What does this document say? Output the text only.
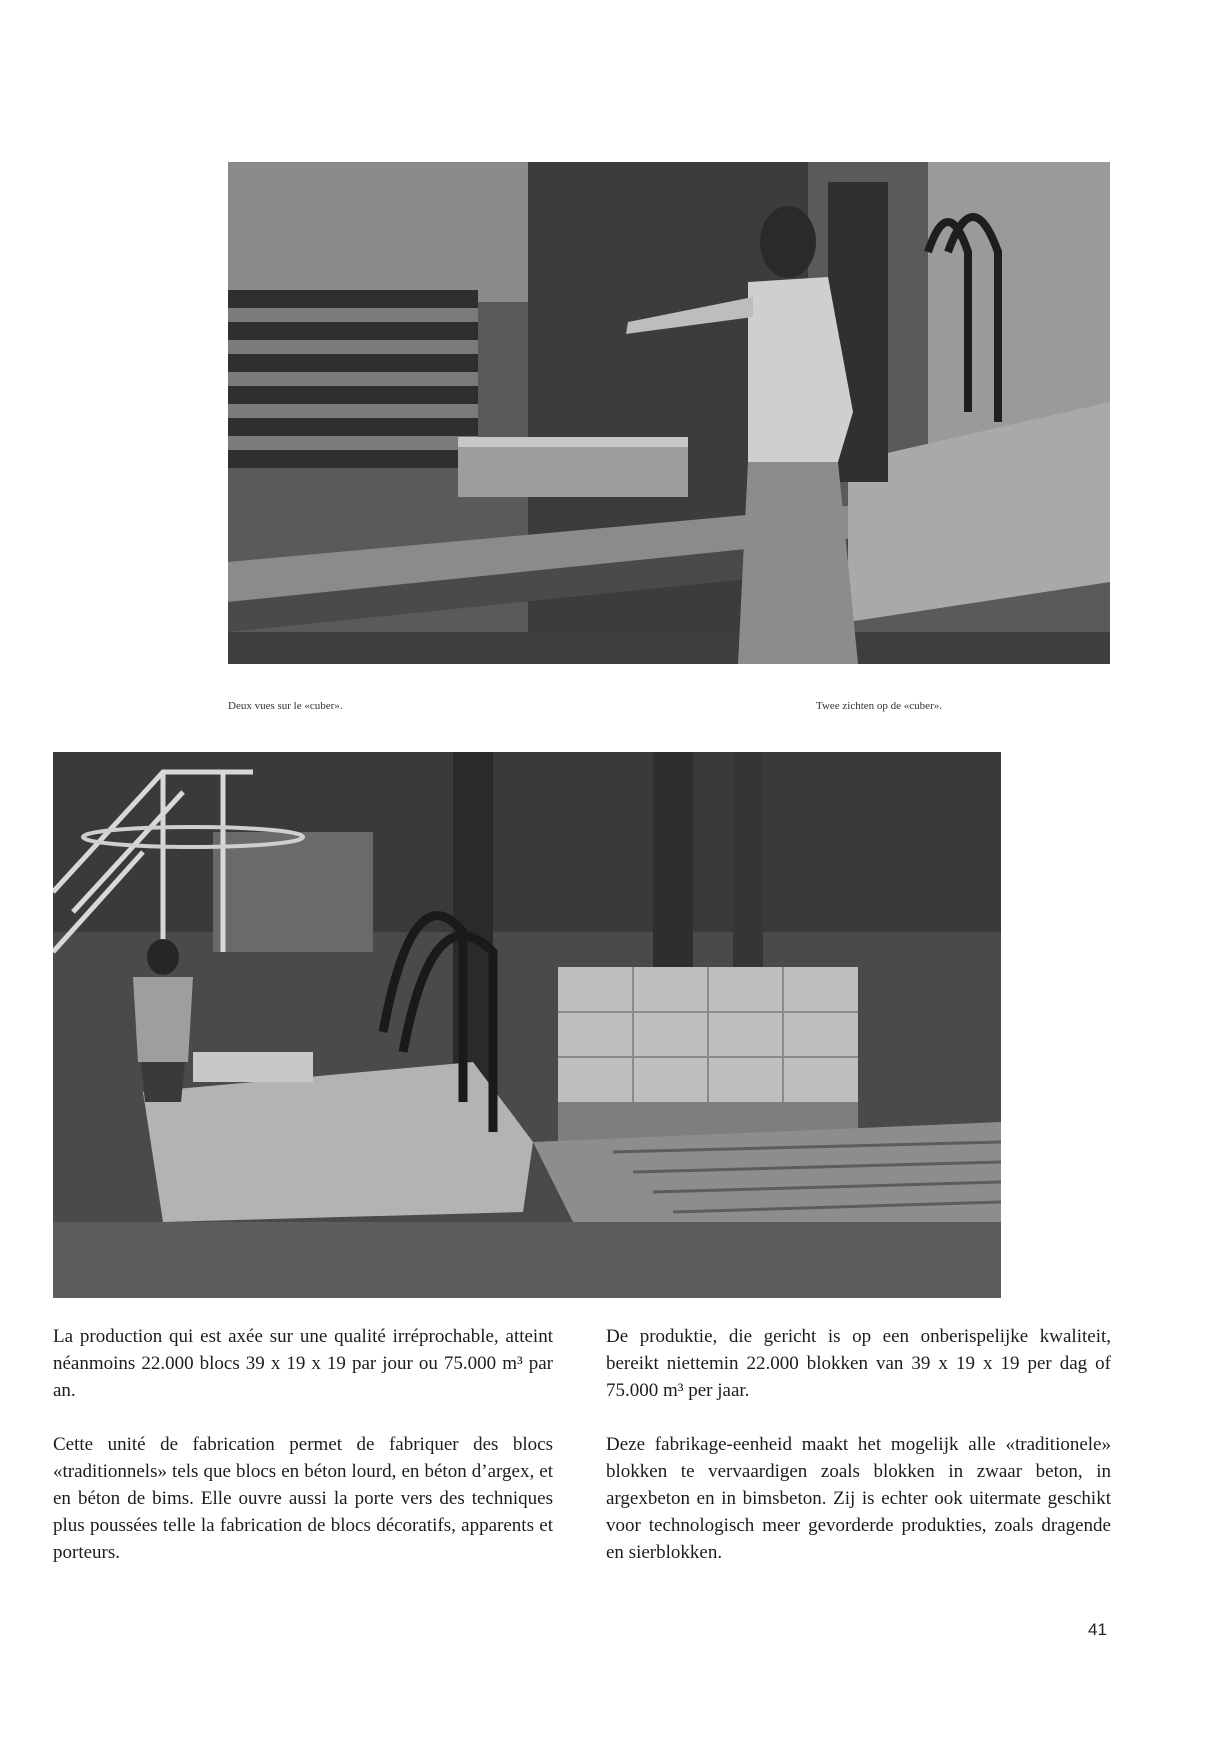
Deux vues sur le «cuber».	Twee zichten op de «cuber».

La production qui est axée sur une qualité irréprochable, atteint néanmoins 22.000 blocs 39 x 19 x 19 par jour ou 75.000 m³ par an.

Cette unité de fabrication permet de fabriquer des blocs «traditionnels» tels que blocs en béton lourd, en béton d’argex, et en béton de bims. Elle ouvre aussi la porte vers des techniques plus poussées telle la fabrication de blocs décoratifs, apparents et porteurs.

De produktie, die gericht is op een onberispelijke kwaliteit, bereikt niettemin 22.000 blokken van 39 x 19 x 19 per dag of 75.000 m³ per jaar.

Deze fabrikage-eenheid maakt het mogelijk alle «traditionele» blokken te vervaardigen zoals blokken in zwaar beton, in argexbeton en in bimsbeton. Zij is echter ook uitermate geschikt voor technologisch meer gevorderde produkties, zoals dragende en sierblokken.

41
